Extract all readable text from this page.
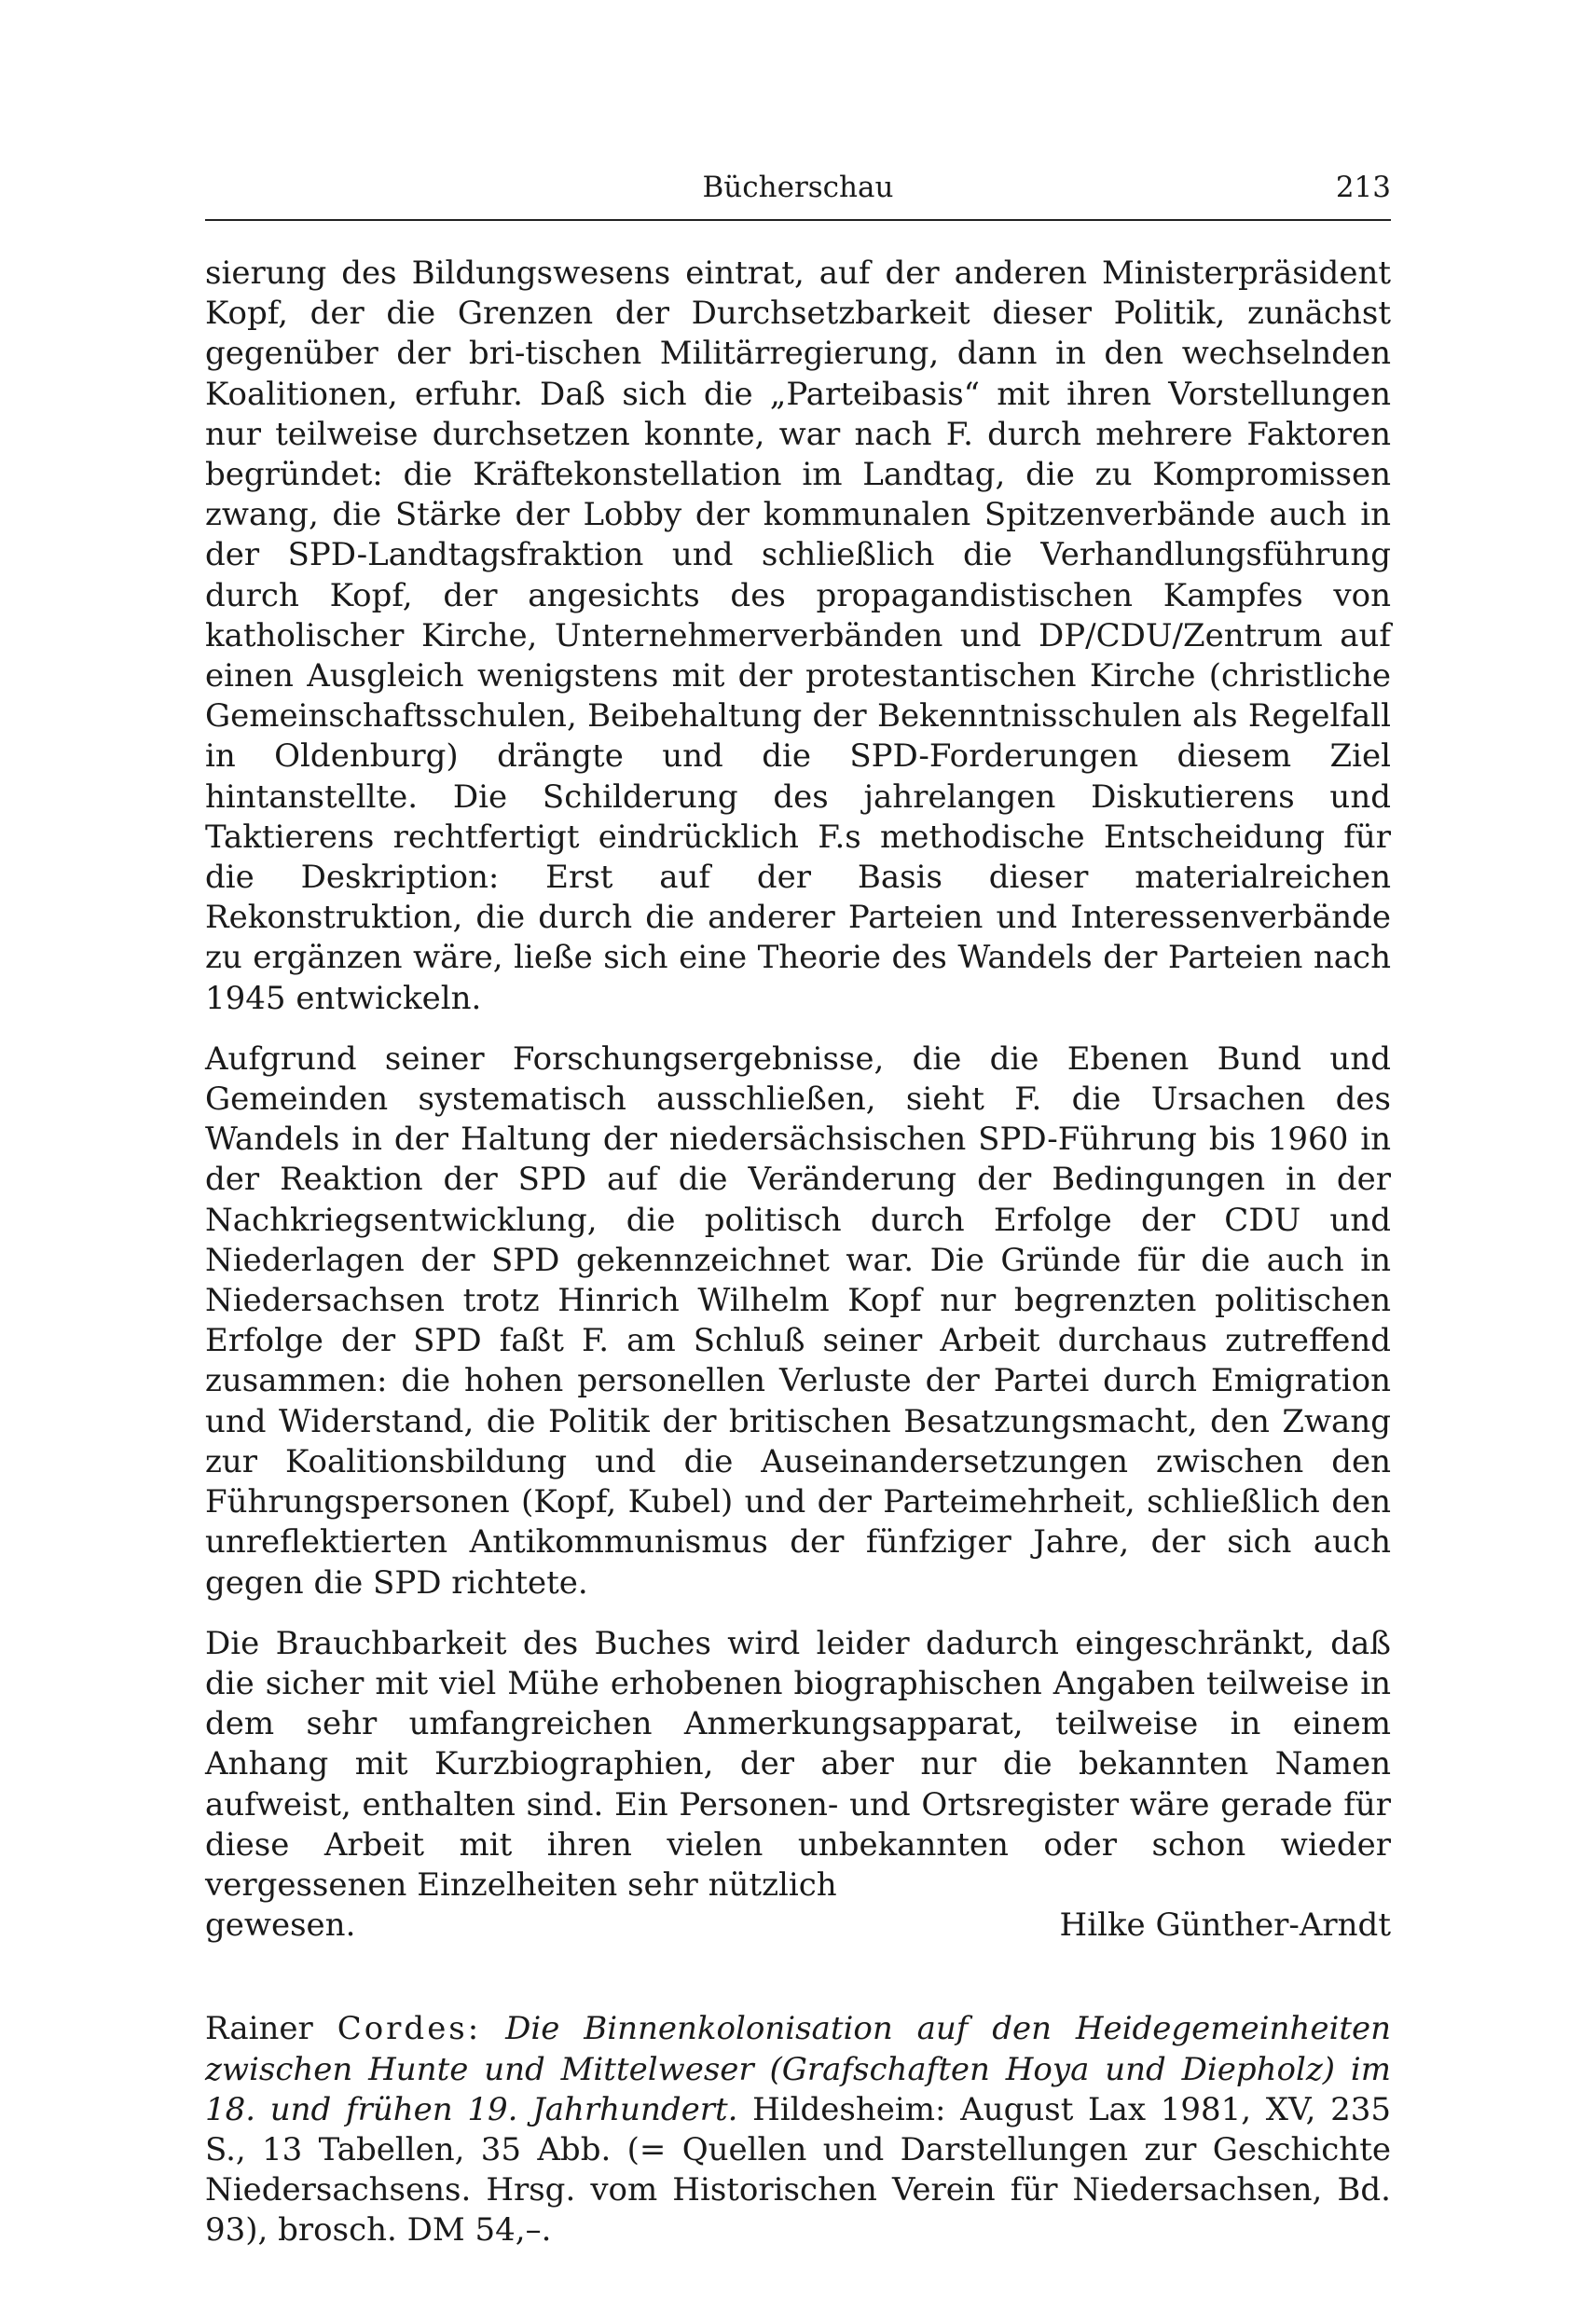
Bücherschau	213

sierung des Bildungswesens eintrat, auf der anderen Ministerpräsident Kopf, der die Grenzen der Durchsetzbarkeit dieser Politik, zunächst gegenüber der bri-tischen Militärregierung, dann in den wechselnden Koalitionen, erfuhr. Daß sich die „Parteibasis“ mit ihren Vorstellungen nur teilweise durchsetzen konnte, war nach F. durch mehrere Faktoren begründet: die Kräftekonstellation im Landtag, die zu Kompromissen zwang, die Stärke der Lobby der kommunalen Spitzenverbände auch in der SPD-Landtagsfraktion und schließlich die Verhandlungsführung durch Kopf, der angesichts des propagandistischen Kampfes von katholischer Kirche, Unternehmerverbänden und DP/CDU/Zentrum auf einen Ausgleich wenigstens mit der protestantischen Kirche (christliche Gemeinschaftsschulen, Beibehaltung der Bekenntnisschulen als Regelfall in Oldenburg) drängte und die SPD-Forderungen diesem Ziel hintanstellte. Die Schilderung des jahrelangen Diskutierens und Taktierens rechtfertigt eindrücklich F.s methodische Entscheidung für die Deskription: Erst auf der Basis dieser materialreichen Rekonstruktion, die durch die anderer Parteien und Interessenverbände zu ergänzen wäre, ließe sich eine Theorie des Wandels der Parteien nach 1945 entwickeln.

Aufgrund seiner Forschungsergebnisse, die die Ebenen Bund und Gemeinden systematisch ausschließen, sieht F. die Ursachen des Wandels in der Haltung der niedersächsischen SPD-Führung bis 1960 in der Reaktion der SPD auf die Veränderung der Bedingungen in der Nachkriegsentwicklung, die politisch durch Erfolge der CDU und Niederlagen der SPD gekennzeichnet war. Die Gründe für die auch in Niedersachsen trotz Hinrich Wilhelm Kopf nur begrenzten politischen Erfolge der SPD faßt F. am Schluß seiner Arbeit durchaus zutreffend zusammen: die hohen personellen Verluste der Partei durch Emigration und Widerstand, die Politik der britischen Besatzungsmacht, den Zwang zur Koalitionsbildung und die Auseinandersetzungen zwischen den Führungspersonen (Kopf, Kubel) und der Parteimehrheit, schließlich den unreflektierten Antikommunismus der fünfziger Jahre, der sich auch gegen die SPD richtete.

Die Brauchbarkeit des Buches wird leider dadurch eingeschränkt, daß die sicher mit viel Mühe erhobenen biographischen Angaben teilweise in dem sehr umfangreichen Anmerkungsapparat, teilweise in einem Anhang mit Kurzbiographien, der aber nur die bekannten Namen aufweist, enthalten sind. Ein Personen- und Ortsregister wäre gerade für diese Arbeit mit ihren vielen unbekannten oder schon wieder vergessenen Einzelheiten sehr nützlich
gewesen.	Hilke Günther-Arndt

Rainer Cordes: Die Binnenkolonisation auf den Heidegemeinheiten zwischen Hunte und Mittelweser (Grafschaften Hoya und Diepholz) im 18. und frühen 19. Jahrhundert. Hildesheim: August Lax 1981, XV, 235 S., 13 Tabellen, 35 Abb. (= Quellen und Darstellungen zur Geschichte Niedersachsens. Hrsg. vom Historischen Verein für Niedersachsen, Bd. 93), brosch. DM 54,–.
